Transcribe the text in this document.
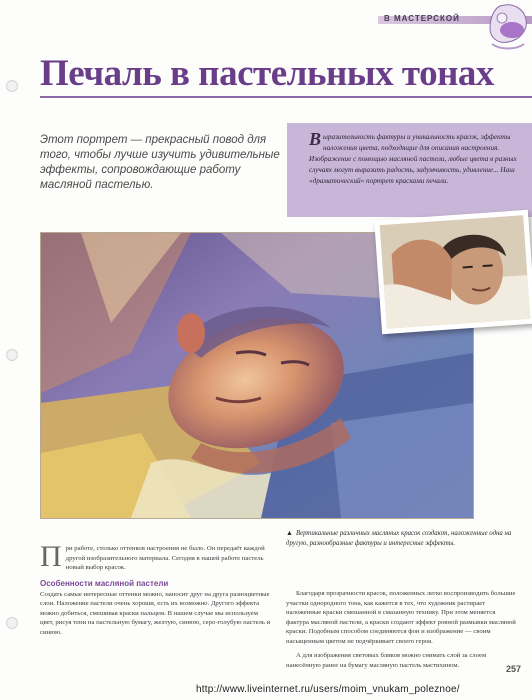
В МАСТЕРСКОЙ
Печаль в пастельных тонах
Этот портрет — прекрасный повод для того, чтобы лучше изучить удивительные эффекты, сопровождающие работу масляной пастелью.

Выразительность фактуры и уникальность красок, эффекты наложения цвета, подходящие для описания настроения. Изображение с помощью масляной пастели, любые цвета в разных случаях могут выразить радость, задумчивость, удивление... Наш «драматический» портрет красками печали.

▲ Вертикальные различных масляных красок создают, наложенные одна на другую, разнообразные фактуры и интересные эффекты.
При работе, столько оттенков настроения не было. Он передаёт каждой другой изобразительного материала. Сегодня в нашей работе пастель новый выбор красок.
Особенности масляной пастели
Создать самые интересные оттенки можно, наносит друг на друга разноцветные слои. Наложение пастели очень хороши, есть их возможно. Другого эффекта можно добиться, смешивая краски пальцем. В нашем случае мы используем цвет, рисуя тени на пастельную бумагу, желтую, синюю, серо-голубую пастель и синюю.

Благодаря прозрачности красок, положенных легко воспроизводить большие участки однородного тона, как кажется в тех, что художник растирает наложенные краски смешанной в смазанную технику. При этом меняется фактура масляной пастели, а краски создают эффект ровной размывки масляной краски. Подобным способом соединяются фон и изображение — своим насыщенным цветом не подчёркивает своего героя.

А для изображения световых бликов можно снимать слой за слоем нанесённую ранее на бумагу масляную пастель мастихином.	257
http://www.liveinternet.ru/users/moim_vnukam_poleznoe/
